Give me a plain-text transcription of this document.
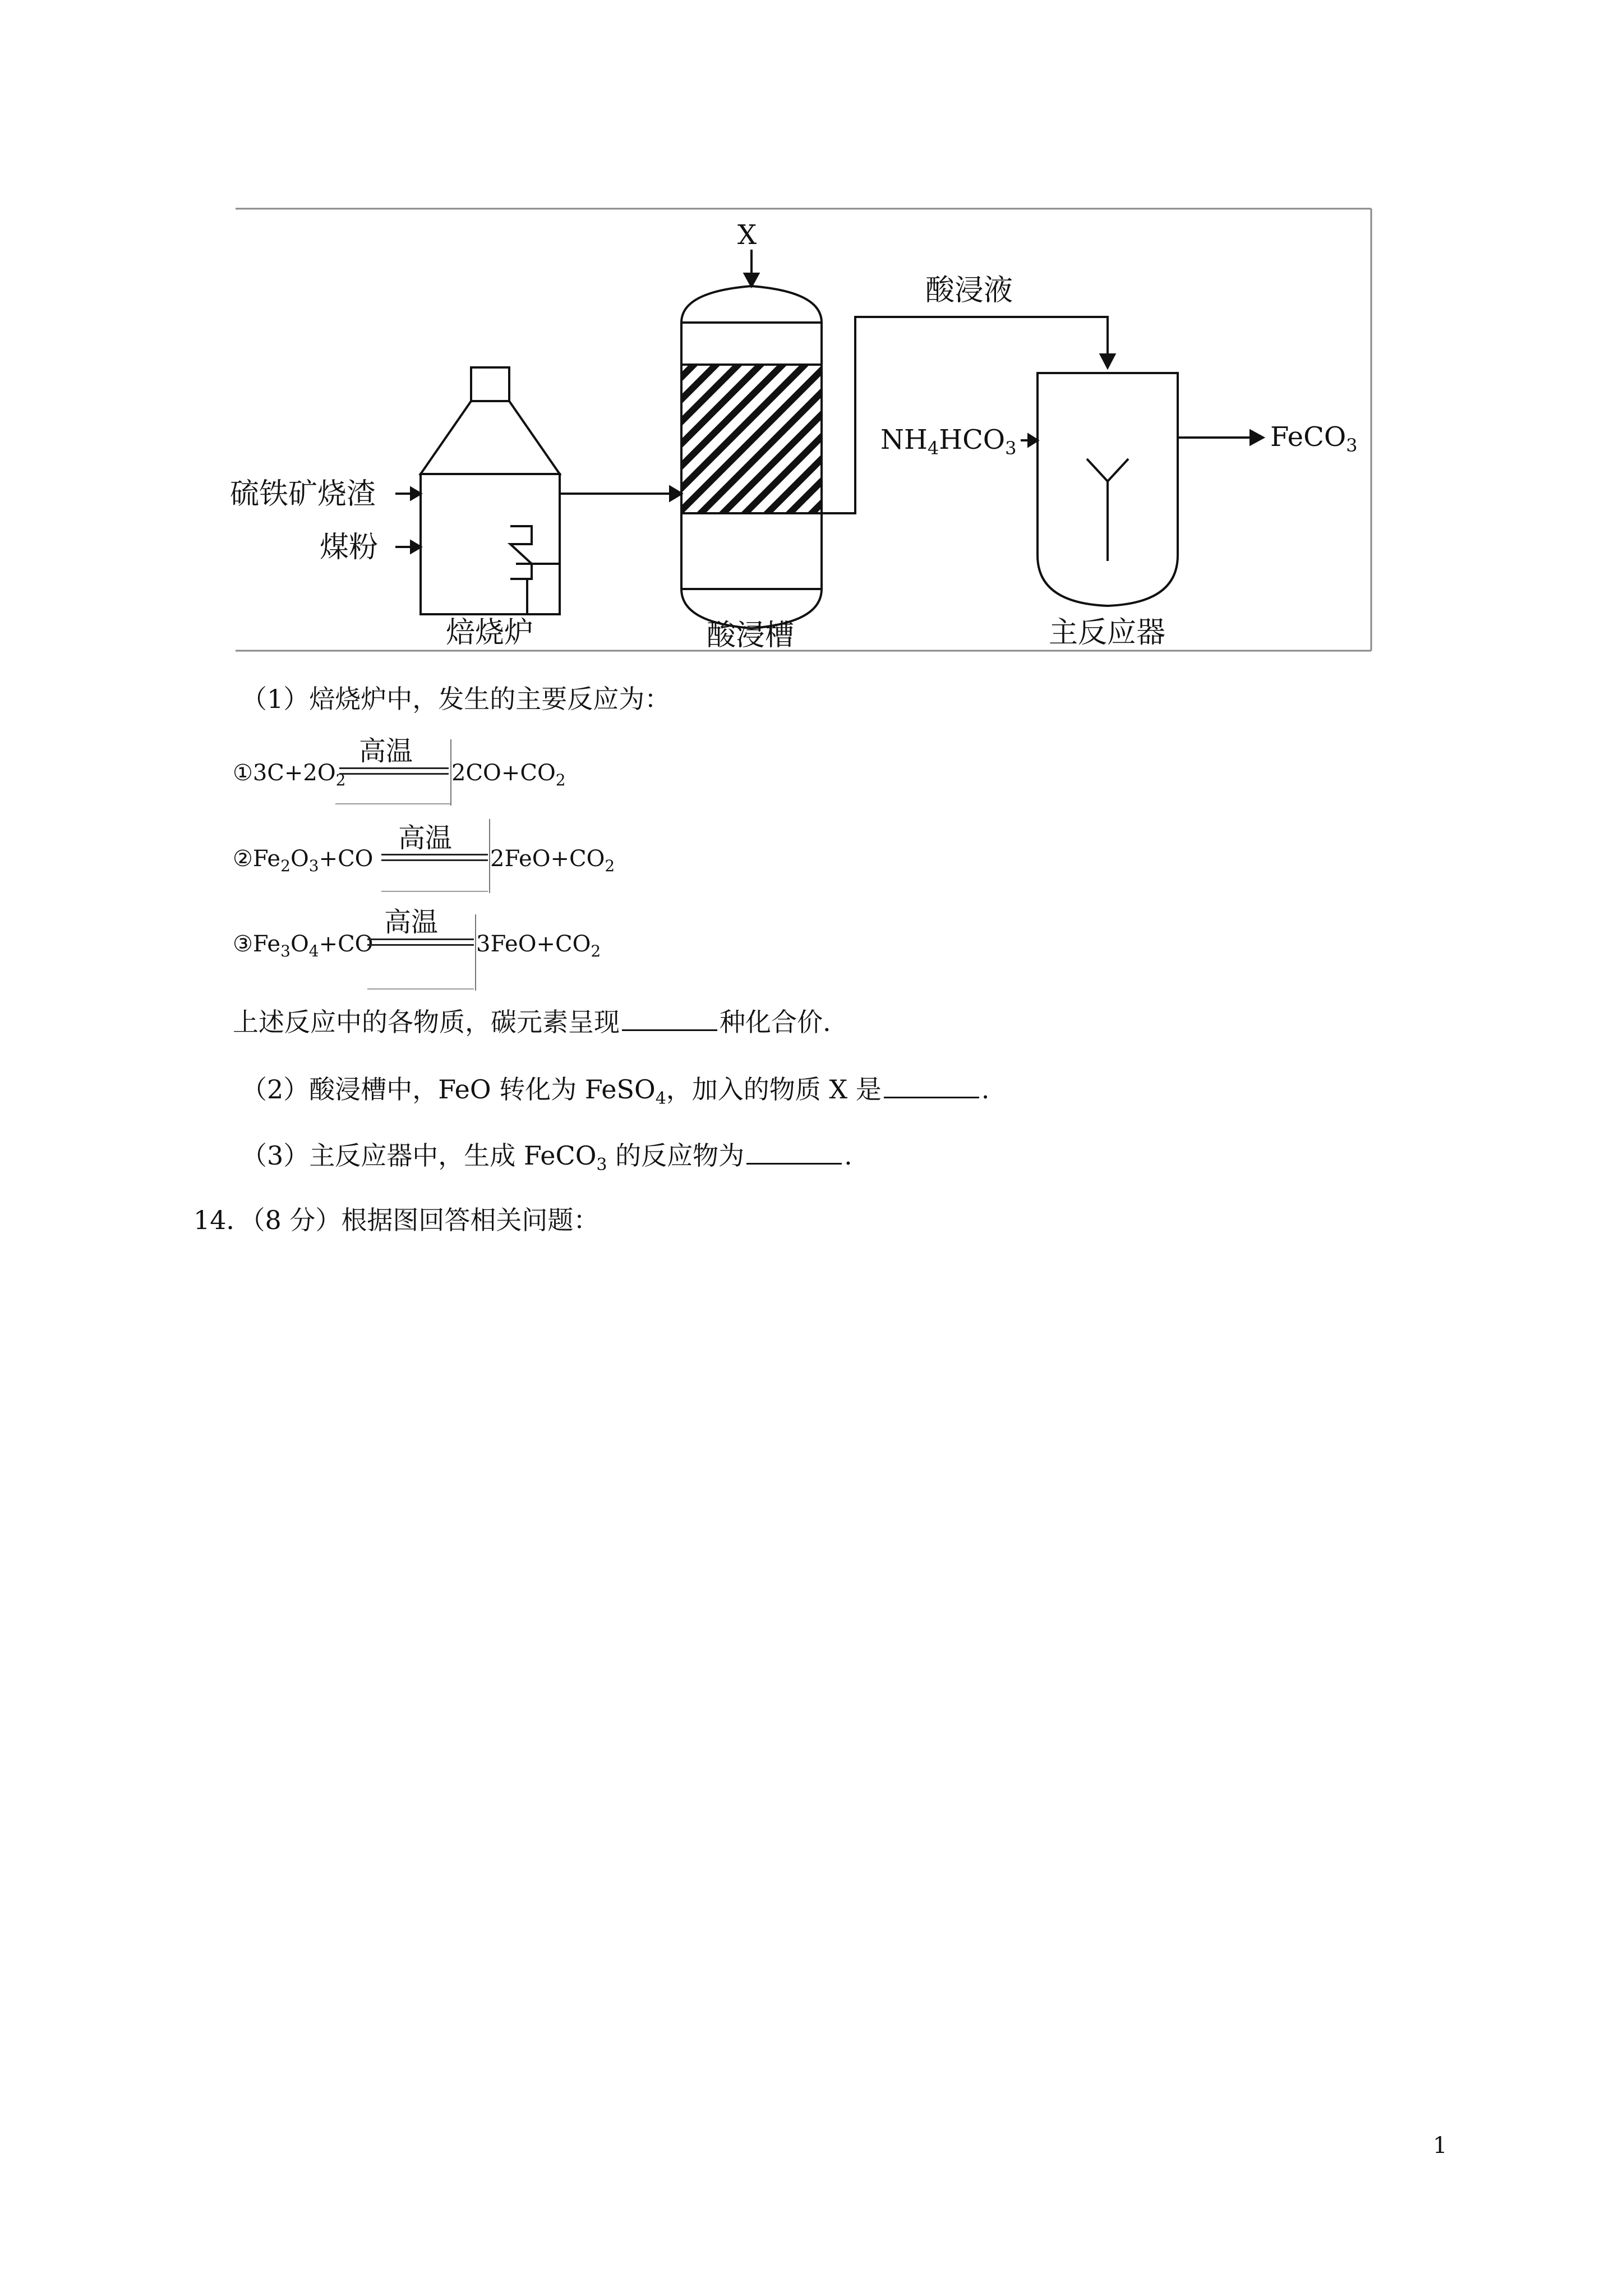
X
酸浸液
硫铁矿烧渣
煤粉
焙烧炉	酸浸槽
$NH_4HCO_3$	FeCO$_3$
主反应器
（1）焙烧炉中，发生的主要反应为：
$①3C+2O_2$
高温
$2CO+CO_2$
$②Fe_2O_3+CO$
高温
$2FeO+CO_2$
$③Fe_3O_4+CO$
高温
$3FeO+CO_2$
上述反应中的各物质，碳元素呈现	种化合价.
（2）酸浸槽中，FeO 转化为 FeSO$_4$，加入的物质 X 是	.
（3）主反应器中，生成 FeCO$_3$ 的反应物为	.
14．（8 分）根据图回答相关问题：
1
